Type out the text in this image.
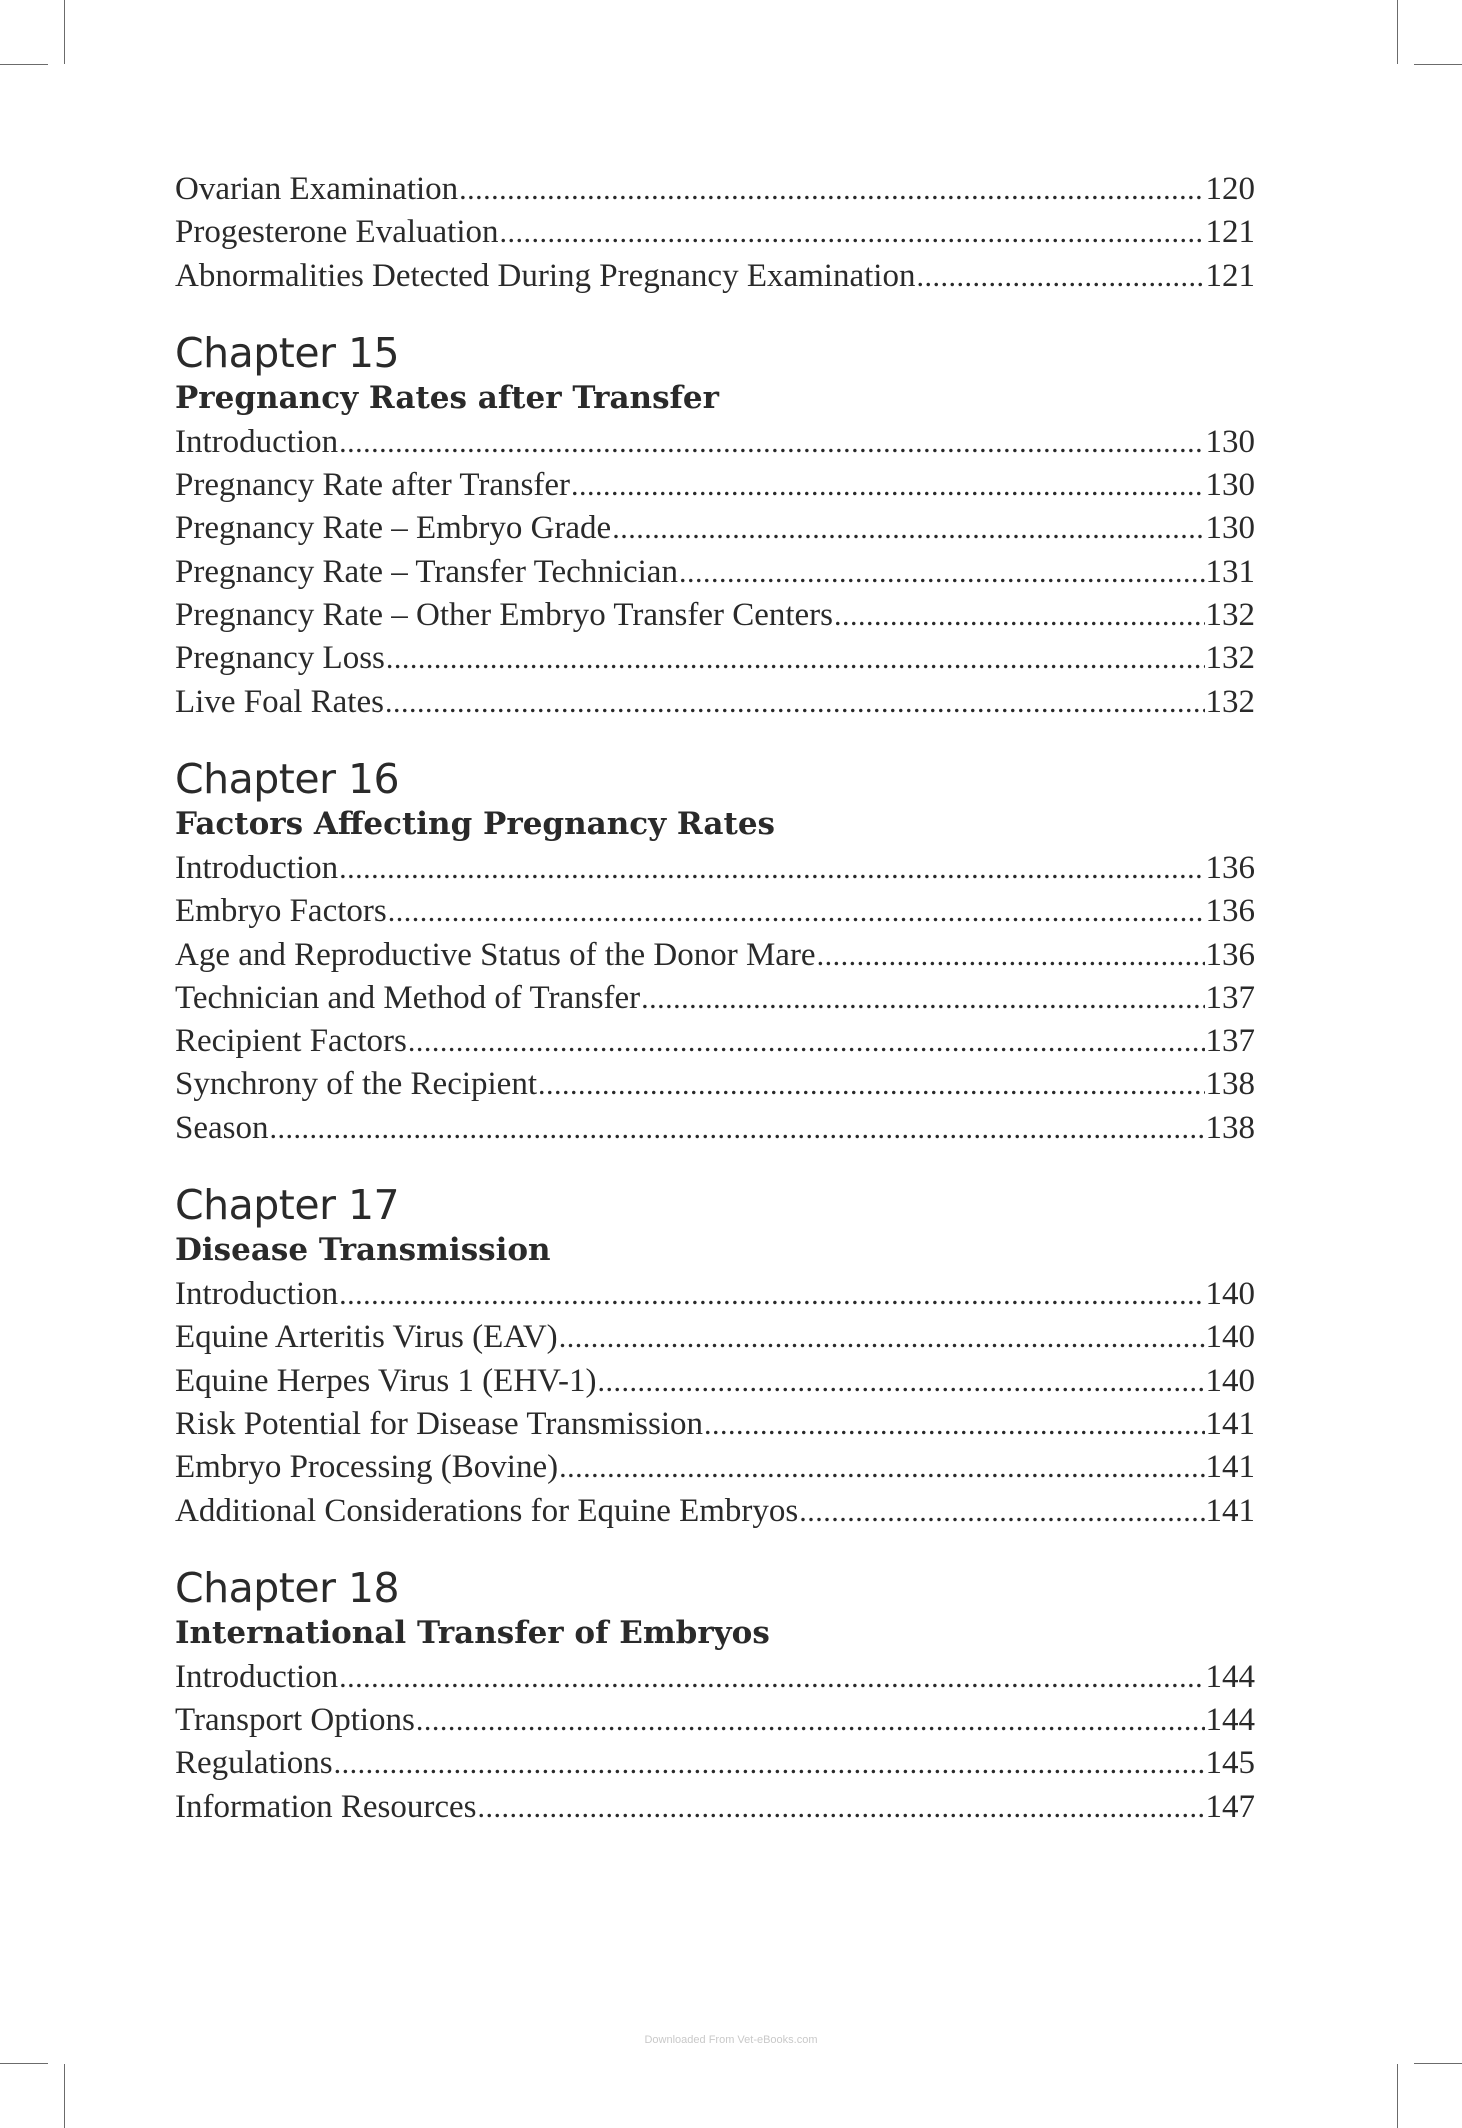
Ovarian Examination .....	120
Progesterone Evaluation .....	121
Abnormalities Detected During Pregnancy Examination .....	121
Chapter 15
Pregnancy Rates after Transfer
Introduction .....	130
Pregnancy Rate after Transfer .....	130
Pregnancy Rate – Embryo Grade .....	130
Pregnancy Rate – Transfer Technician .....	131
Pregnancy Rate – Other Embryo Transfer Centers .....	132
Pregnancy Loss .....	132
Live Foal Rates .....	132
Chapter 16
Factors Affecting Pregnancy Rates
Introduction .....	136
Embryo Factors .....	136
Age and Reproductive Status of the Donor Mare .....	136
Technician and Method of Transfer .....	137
Recipient Factors .....	137
Synchrony of the Recipient .....	138
Season .....	138
Chapter 17
Disease Transmission
Introduction .....	140
Equine Arteritis Virus (EAV) .....	140
Equine Herpes Virus 1 (EHV-1) .....	140
Risk Potential for Disease Transmission .....	141
Embryo Processing (Bovine) .....	141
Additional Considerations for Equine Embryos .....	141
Chapter 18
International Transfer of Embryos
Introduction .....	144
Transport Options .....	144
Regulations .....	145
Information Resources .....	147
Downloaded From Vet-eBooks.com
